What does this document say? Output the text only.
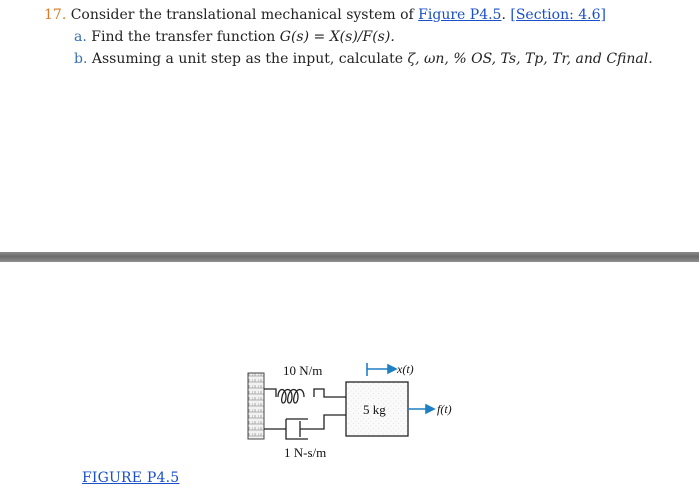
17. Consider the translational mechanical system of Figure P4.5. [Section: 4.6]
a. Find the transfer function G(s) = X(s)/F(s).
b. Assuming a unit step as the input, calculate ζ, ωn, % OS, Ts, Tp, Tr, and Cfinal.
10 N/m
1 N-s/m
5 kg
x(t)
f(t)
FIGURE P4.5
